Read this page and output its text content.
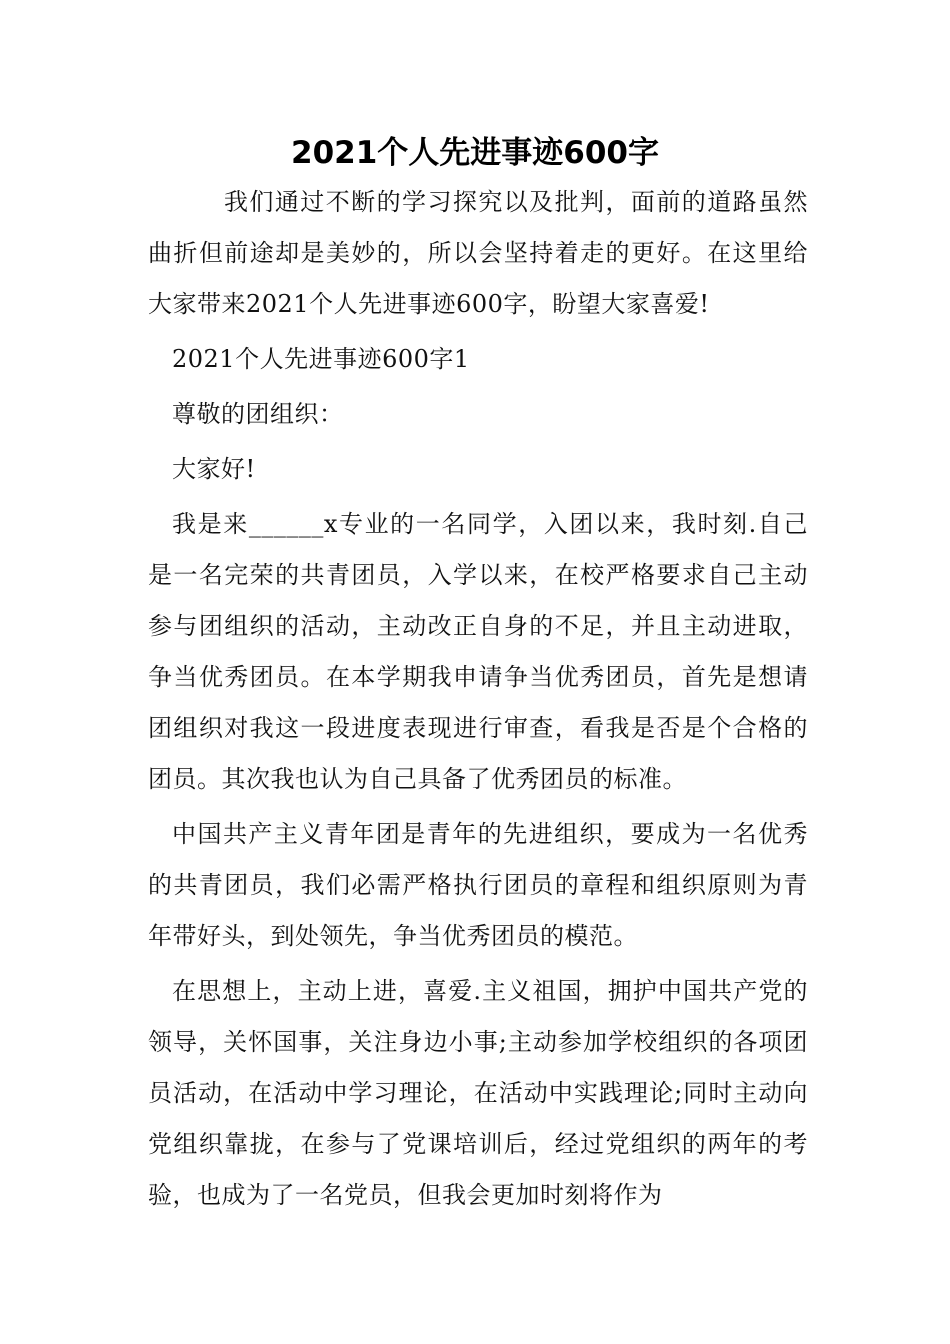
2021个人先进事迹600字

我们通过不断的学习探究以及批判，面前的道路虽然曲折但前途却是美妙的，所以会坚持着走的更好。在这里给大家带来2021个人先进事迹600字，盼望大家喜爱!

2021个人先进事迹600字1

尊敬的团组织：

大家好!

我是来______x专业的一名同学，入团以来，我时刻.自己是一名完荣的共青团员，入学以来，在校严格要求自己主动参与团组织的活动，主动改正自身的不足，并且主动进取，争当优秀团员。在本学期我申请争当优秀团员，首先是想请团组织对我这一段进度表现进行审查，看我是否是个合格的团员。其次我也认为自己具备了优秀团员的标准。

中国共产主义青年团是青年的先进组织，要成为一名优秀的共青团员，我们必需严格执行团员的章程和组织原则为青年带好头，到处领先，争当优秀团员的模范。

在思想上，主动上进，喜爱.主义祖国，拥护中国共产党的领导，关怀国事，关注身边小事;主动参加学校组织的各项团员活动，在活动中学习理论，在活动中实践理论;同时主动向党组织靠拢，在参与了党课培训后，经过党组织的两年的考验，也成为了一名党员，但我会更加时刻将作为
